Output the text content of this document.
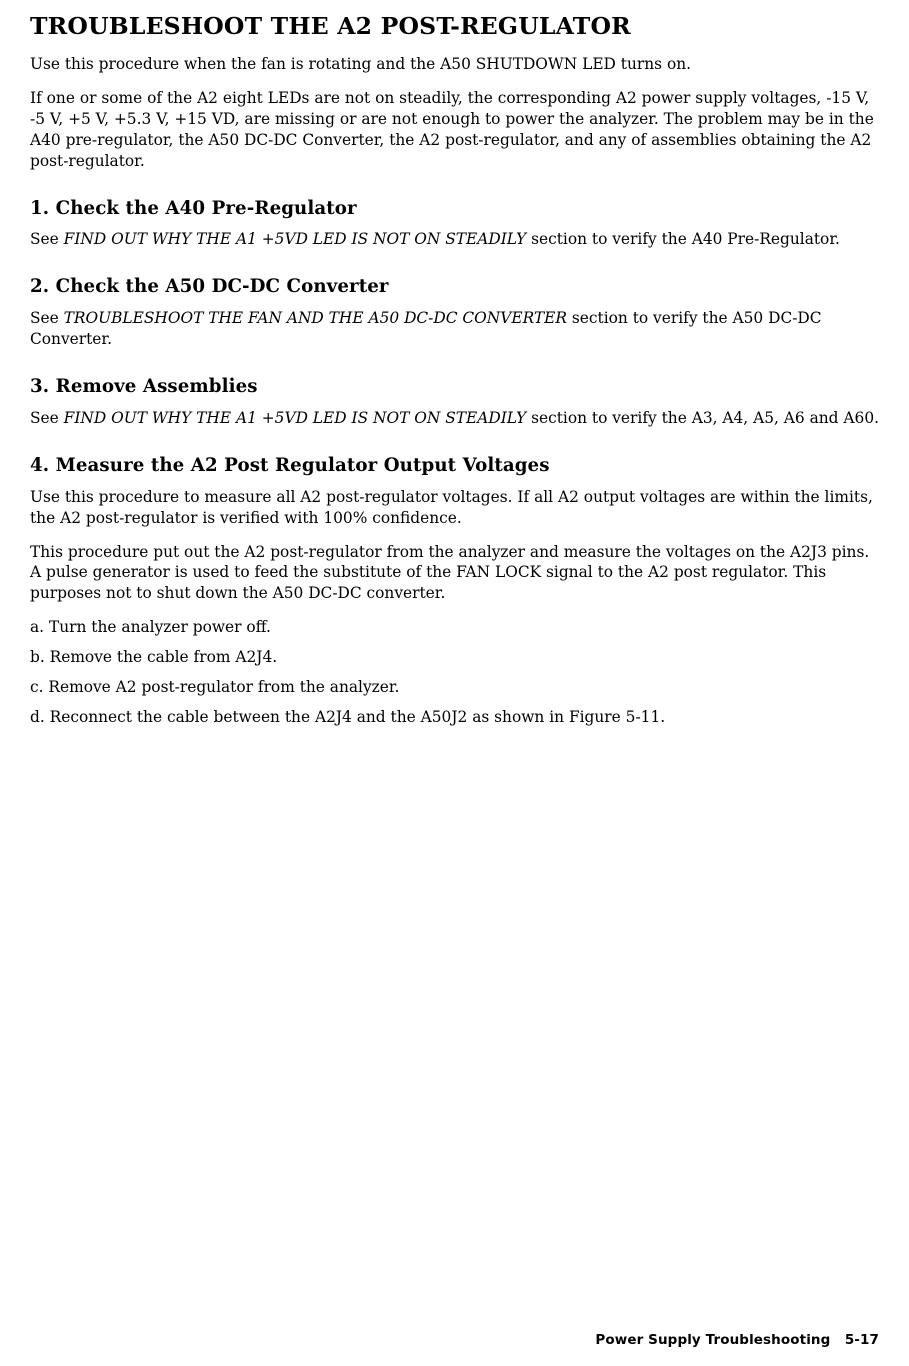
TROUBLESHOOT THE A2 POST-REGULATOR

Use this procedure when the fan is rotating and the A50 SHUTDOWN LED turns on.

If one or some of the A2 eight LEDs are not on steadily, the corresponding A2 power supply voltages, -15 V, -5 V, +5 V, +5.3 V, +15 VD, are missing or are not enough to power the analyzer. The problem may be in the A40 pre-regulator, the A50 DC-DC Converter, the A2 post-regulator, and any of assemblies obtaining the A2 post-regulator.

1. Check the A40 Pre-Regulator

See FIND OUT WHY THE A1 +5VD LED IS NOT ON STEADILY section to verify the A40 Pre-Regulator.

2. Check the A50 DC-DC Converter

See TROUBLESHOOT THE FAN AND THE A50 DC-DC CONVERTER section to verify the A50 DC-DC Converter.

3. Remove Assemblies

See FIND OUT WHY THE A1 +5VD LED IS NOT ON STEADILY section to verify the A3, A4, A5, A6 and A60.

4. Measure the A2 Post Regulator Output Voltages

Use this procedure to measure all A2 post-regulator voltages. If all A2 output voltages are within the limits, the A2 post-regulator is verified with 100% confidence.

This procedure put out the A2 post-regulator from the analyzer and measure the voltages on the A2J3 pins. A pulse generator is used to feed the substitute of the FAN LOCK signal to the A2 post regulator. This purposes not to shut down the A50 DC-DC converter.

a. Turn the analyzer power off.

b. Remove the cable from A2J4.

c. Remove A2 post-regulator from the analyzer.

d. Reconnect the cable between the A2J4 and the A50J2 as shown in Figure 5-11.

Power Supply Troubleshooting 5-17
